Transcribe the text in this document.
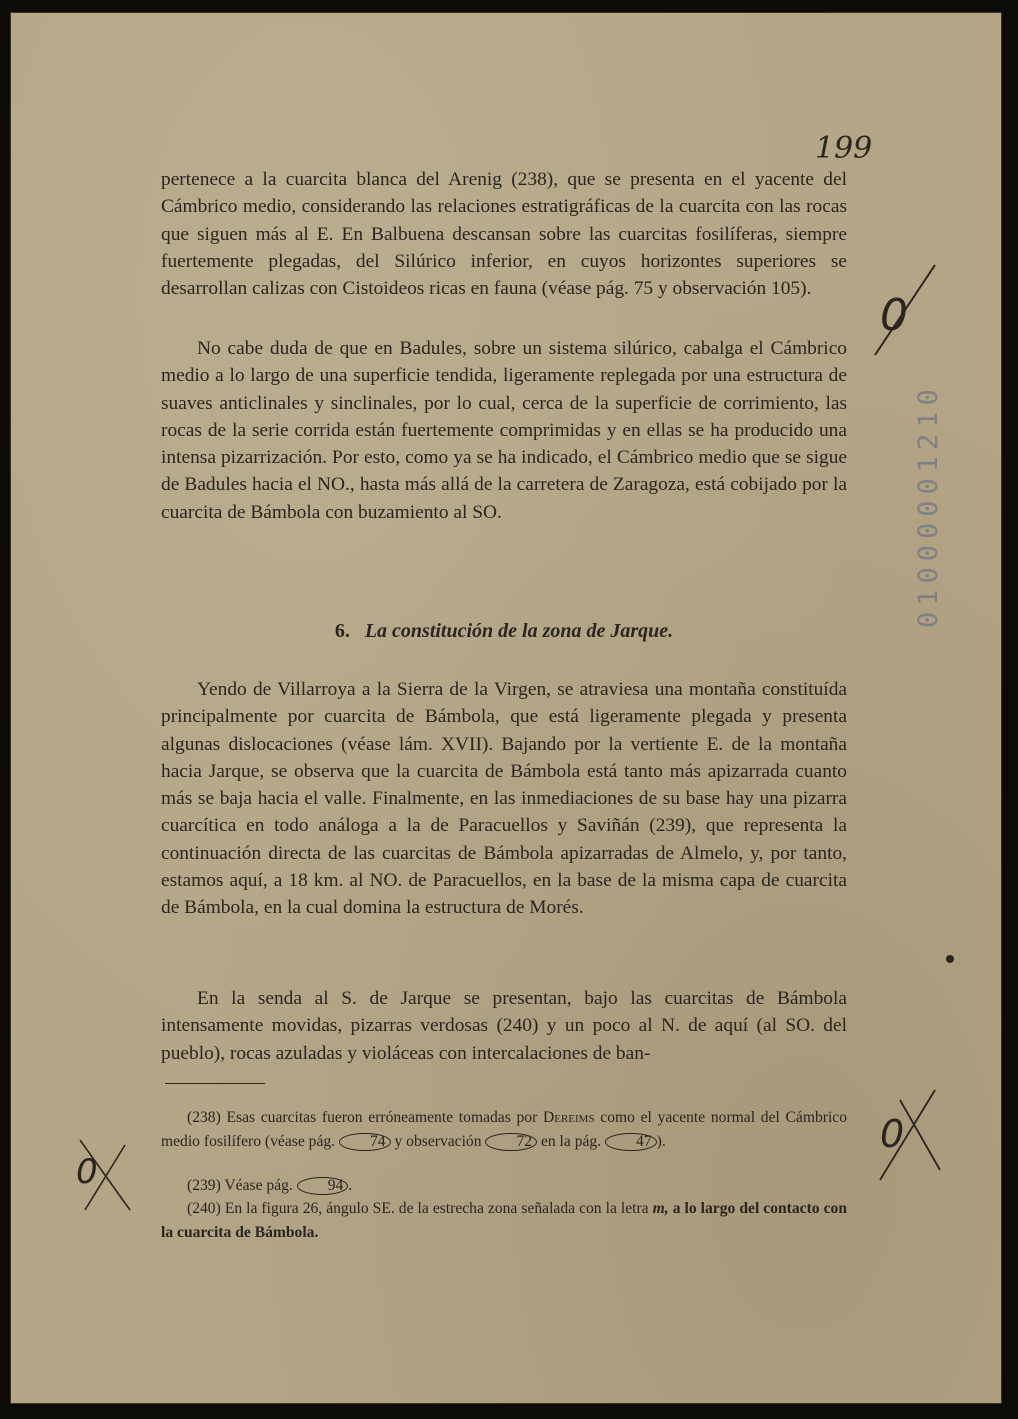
199

pertenece a la cuarcita blanca del Arenig (238), que se presenta en el yacente del Cámbrico medio, considerando las relaciones estratigráficas de la cuarcita con las rocas que siguen más al E. En Balbuena descansan sobre las cuarcitas fosilíferas, siempre fuertemente plegadas, del Silúrico inferior, en cuyos horizontes superiores se desarrollan calizas con Cistoideos ricas en fauna (véase pág. 75 y observación 105).

No cabe duda de que en Badules, sobre un sistema silúrico, cabalga el Cámbrico medio a lo largo de una superficie tendida, ligeramente replegada por una estructura de suaves anticlinales y sinclinales, por lo cual, cerca de la superficie de corrimiento, las rocas de la serie corrida están fuertemente comprimidas y en ellas se ha producido una intensa pizarrización. Por esto, como ya se ha indicado, el Cámbrico medio que se sigue de Badules hacia el NO., hasta más allá de la carretera de Zaragoza, está cobijado por la cuarcita de Bámbola con buzamiento al SO.

6. La constitución de la zona de Jarque.

Yendo de Villarroya a la Sierra de la Virgen, se atraviesa una montaña constituída principalmente por cuarcita de Bámbola, que está ligeramente plegada y presenta algunas dislocaciones (véase lám. XVII). Bajando por la vertiente E. de la montaña hacia Jarque, se observa que la cuarcita de Bámbola está tanto más apizarrada cuanto más se baja hacia el valle. Finalmente, en las inmediaciones de su base hay una pizarra cuarcítica en todo análoga a la de Paracuellos y Saviñán (239), que representa la continuación directa de las cuarcitas de Bámbola apizarradas de Almelo, y, por tanto, estamos aquí, a 18 km. al NO. de Paracuellos, en la base de la misma capa de cuarcita de Bámbola, en la cual domina la estructura de Morés.

En la senda al S. de Jarque se presentan, bajo las cuarcitas de Bámbola intensamente movidas, pizarras verdosas (240) y un poco al N. de aquí (al SO. del pueblo), rocas azuladas y violáceas con intercalaciones de ban-

(238) Esas cuarcitas fueron erróneamente tomadas por Dereims como el yacente normal del Cámbrico medio fosilífero (véase pág. 74 y observación 72 en la pág. 47 ).

(239) Véase pág. 94 .

(240) En la figura 26, ángulo SE. de la estrecha zona señalada con la letra m, a lo largo del contacto con la cuarcita de Bámbola.

01000001210
0
0
0
